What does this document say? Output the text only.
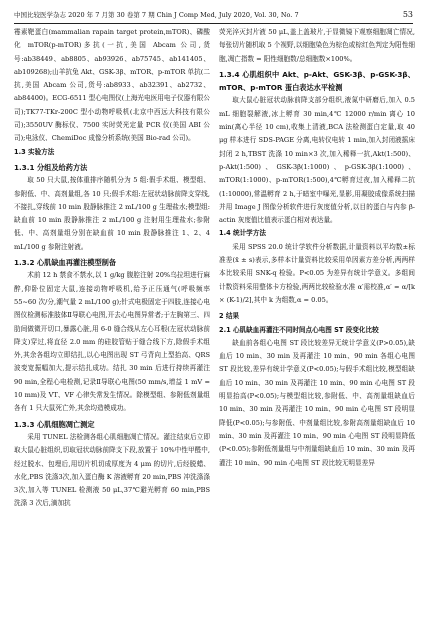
中国比较医学杂志 2020 年 7 月第 30 卷第 7 期 Chin J Comp Med, July 2020, Vol. 30, No. 7	53

霉素靶蛋白(mammalian rapain target protein,mTOR)、磷酸化 mTOR(p-mTOR)多抗(一抗,美国 Abcam 公司,货号:ab38449、ab8805、ab93926、ab75745、ab141405、ab109268);山羊抗兔 Akt、GSK-3β、mTOR、p-mTOR 单抗(二抗,美国 Abcam 公司,货号:ab8933、ab32391、ab2732、ab84400)。ECG-6511 型心电图仪(上海光电医用电子仪器有限公司);TK77-TKr-200C 型小动物呼吸机(北京中西远大科技有限公司);3550UV 酶标仪、7500 实时荧光定量 PCR 仪(美国 ABI 公司);电泳仪、ChemiDoc 成像分析系统(美国 Bio-rad 公司)。

1.3 实验方法

1.3.1 分组及给药方法

取 50 只大鼠,按体重排序随机分为 5 组:假手术组、模型组、参附低、中、高剂量组,各 10 只;假手术组:左冠状动脉前降支穿线,不接扎,穿线前 10 min 股静脉推注 2 mL/100 g 生理盐水;模型组:缺血前 10 min 股静脉推注 2 mL/100 g 注射用生理盐水;参附低、中、高剂量组分别在缺血前 10 min 股静脉推注 1、2、4 mL/100 g 参附注射液。

1.3.2 心肌缺血再灌注模型制备

术前 12 h 禁食不禁水,以 1 g/kg 腹腔注射 20%乌拉坦进行麻醉,仰卧位固定大鼠,连接动物呼吸机,给予正压通气(呼吸频率 55~60 次/分,潮气量 2 mL/100 g);针式电极固定于四肢,连接心电图仪检测标准肢体Ⅱ导联心电图,开去心电图异常者;于左胸第三、四肋间做微开切口,暴露心脏,用 6-0 缝合线从左心耳根(左冠状动脉前降支)穿过,将直径 2.0 mm 的硅胶管贴于缝合线下方,除假手术组外,其余各组均立即结扎,以心电图出现 ST 弓背向上型抬高、QRS 波变宽振幅加大,提示结扎成功。结扎 30 min 后进行持续再灌注 90 min,全程心电检测,记录Ⅱ导联心电图(50 mm/s,增益 1 mV = 10 mm)及 VT、VF 心律失常发生情况。除模型组、参附低剂量组各有 1 只大鼠死亡外,其余均造模成功。

1.3.3 心肌细胞凋亡测定

采用 TUNEL 法检测各组心肌细胞凋亡情况。灌注结束后立即取大鼠心脏组织,切取冠状动脉前降支下段,放置于 10%中性甲醛中,经过脱水、包埋后,用切片机切成厚度为 4 μm 的切片,后经脱蜡、水化,PBS 洗涤3次,加入蛋白酶 K 溶液孵育 20 min,PBS 冲洗涤涤3次,加入等 TUNEL 检测液 50 μL,37℃避光孵育 60 min,PBS 洗涤 3 次后,滴加抗

荧光淬灭封片液 50 μL,盖上盖玻片,于显微镜下观察细胞凋亡情况,每张切片随机取 5 个视野,以细胞染色为棕色或棕红色判定为阳性细胞,凋亡指数 = 阳性细胞数/总细胞数×100%。

1.3.4 心肌组织中 Akt、p-Akt、GSK-3β、p-GSK-3β、mTOR、p-mTOR 蛋白表达水平检测

取大鼠心脏冠状动脉前降支部分组织,液氮中研磨后,加入 0.5 mL 细胞裂解液,冰上孵育 30 min,4℃ 12000 r/min 离心 10 min(离心半径 10 cm),收集上清液,BCA 法检测蛋白定量,取 40 μg 样本进行 SDS-PAGE 分离,电转仪电转 1 min,加入封闭液摇床封闭 2 h,TBST 洗涤 10 min×3 次,加入稀释一抗,Akt(1:500)、p-Akt(1:500)、GSK-3β(1:1000)、p-GSK-3β(1:1000)、mTOR(1:1000)、p-mTOR(1:500),4℃孵育过夜,加入稀释二抗(1:10000),常温孵育 2 h,于暗室中曝光,显影,用凝胶成像系统扫描并用 Image J 图像分析软件进行灰度值分析,以目的蛋白与内参 β-actin 灰度值比值表示蛋白相对表达量。

1.4 统计学方法

采用 SPSS 20.0 统计学软件分析数据,计量资料以平均数±标准差(x̄ ± s)表示,多样本计量资料比较采用单因素方差分析,两两样本比较采用 SNK-q 检验。P<0.05 为差异有统计学意义。多组间计数资料采用整体卡方检验,两两比较检验水准 α′需校准,α′ = α/[k × (K-1)/2],其中 k 为组数,α = 0.05。

2 结果

2.1 心肌缺血再灌注不同时间点心电图 ST 段变化比较

缺血前各组心电图 ST 段比较差异无统计学意义(P>0.05),缺血后 10 min、30 min 及再灌注 10 min、90 min 各组心电图 ST 段比较,差异有统计学意义(P<0.05);与假手术组比较,模型组缺血后 10 min、30 min 及再灌注 10 min、90 min 心电图 ST 段明显抬高(P<0.05);与模型组比较,参附低、中、高剂量组缺血后 10 min、30 min 及再灌注 10 min、90 min 心电图 ST 段明显降低(P<0.05);与参附低、中剂量组比较,参附高剂量组缺血后 10 min、30 min 及再灌注 10 min、90 min 心电图 ST 段明显降低(P<0.05);参附低剂量组与中剂量组缺血后 10 min、30 min 及再灌注 10 min、90 min 心电图 ST 段比较无明显差异
